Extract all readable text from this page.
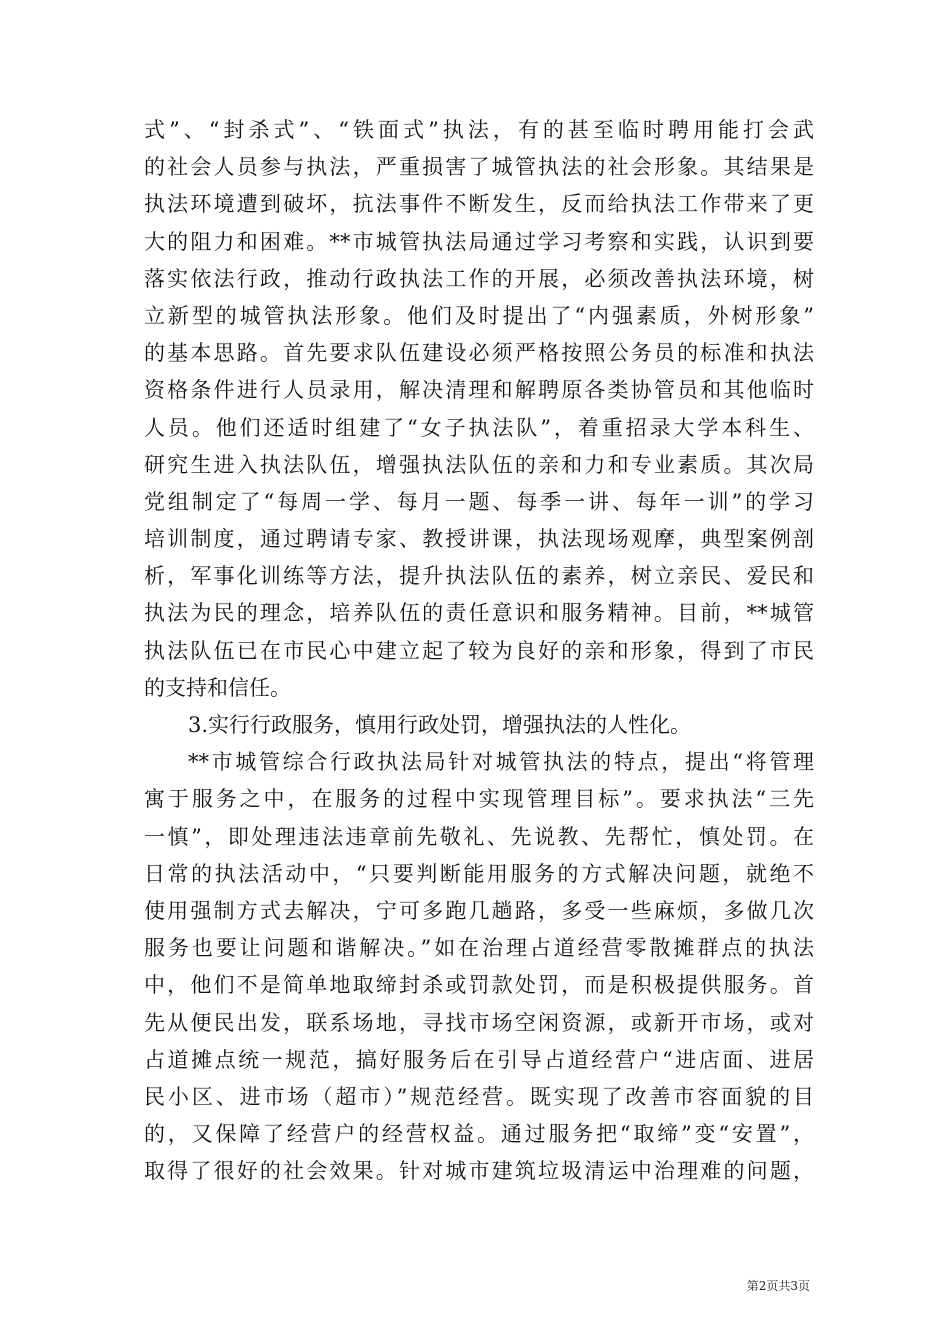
式”、“封杀式”、“铁面式”执法，有的甚至临时聘用能打会武
的社会人员参与执法，严重损害了城管执法的社会形象。其结果是
执法环境遭到破坏，抗法事件不断发生，反而给执法工作带来了更
大的阻力和困难。**市城管执法局通过学习考察和实践，认识到要
落实依法行政，推动行政执法工作的开展，必须改善执法环境，树
立新型的城管执法形象。他们及时提出了“内强素质，外树形象”
的基本思路。首先要求队伍建设必须严格按照公务员的标准和执法
资格条件进行人员录用，解决清理和解聘原各类协管员和其他临时
人员。他们还适时组建了“女子执法队”，着重招录大学本科生、
研究生进入执法队伍，增强执法队伍的亲和力和专业素质。其次局
党组制定了“每周一学、每月一题、每季一讲、每年一训”的学习
培训制度，通过聘请专家、教授讲课，执法现场观摩，典型案例剖
析，军事化训练等方法，提升执法队伍的素养，树立亲民、爱民和
执法为民的理念，培养队伍的责任意识和服务精神。目前，**城管
执法队伍已在市民心中建立起了较为良好的亲和形象，得到了市民
的支持和信任。
3.实行行政服务，慎用行政处罚，增强执法的人性化。
**市城管综合行政执法局针对城管执法的特点，提出“将管理
寓于服务之中，在服务的过程中实现管理目标”。要求执法“三先
一慎”，即处理违法违章前先敬礼、先说教、先帮忙，慎处罚。在
日常的执法活动中，“只要判断能用服务的方式解决问题，就绝不
使用强制方式去解决，宁可多跑几趟路，多受一些麻烦，多做几次
服务也要让问题和谐解决。”如在治理占道经营零散摊群点的执法
中，他们不是简单地取缔封杀或罚款处罚，而是积极提供服务。首
先从便民出发，联系场地，寻找市场空闲资源，或新开市场，或对
占道摊点统一规范，搞好服务后在引导占道经营户“进店面、进居
民小区、进市场（超市）”规范经营。既实现了改善市容面貌的目
的，又保障了经营户的经营权益。通过服务把“取缔”变“安置”，
取得了很好的社会效果。针对城市建筑垃圾清运中治理难的问题，
第2页共3页
